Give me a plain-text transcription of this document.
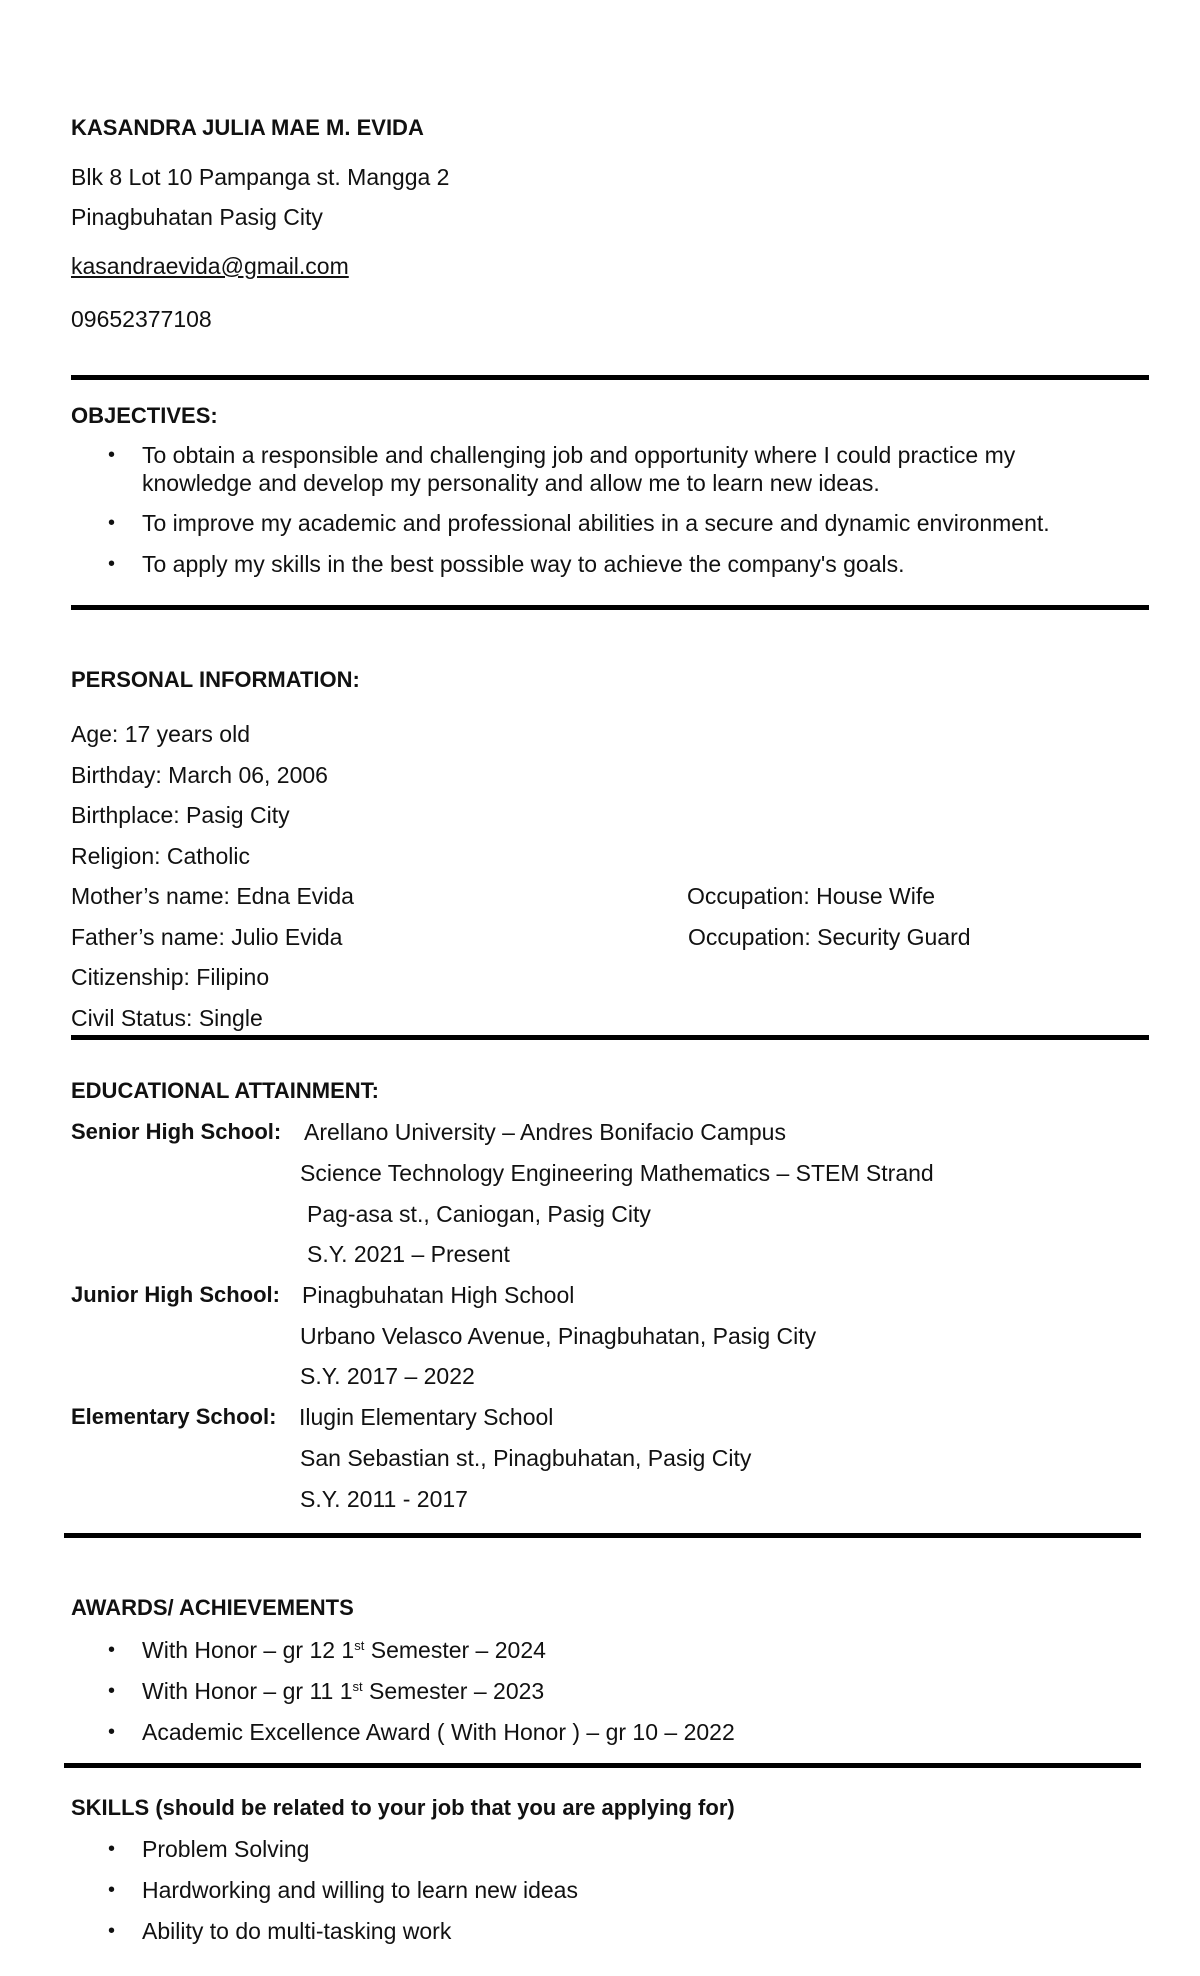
KASANDRA JULIA MAE M. EVIDA
Blk 8 Lot 10 Pampanga st. Mangga 2
Pinagbuhatan Pasig City
kasandraevida@gmail.com
09652377108
OBJECTIVES:
• To obtain a responsible and challenging job and opportunity where I could practice my
knowledge and develop my personality and allow me to learn new ideas.
• To improve my academic and professional abilities in a secure and dynamic environment.
• To apply my skills in the best possible way to achieve the company's goals.
PERSONAL INFORMATION:
Age: 17 years old
Birthday: March 06, 2006
Birthplace: Pasig City
Religion: Catholic
Mother’s name: Edna Evida	Occupation: House Wife
Father’s name: Julio Evida	Occupation: Security Guard
Citizenship: Filipino
Civil Status: Single
EDUCATIONAL ATTAINMENT:
Senior High School: Arellano University – Andres Bonifacio Campus
Science Technology Engineering Mathematics – STEM Strand
Pag-asa st., Caniogan, Pasig City
S.Y. 2021 – Present
Junior High School: Pinagbuhatan High School
Urbano Velasco Avenue, Pinagbuhatan, Pasig City
S.Y. 2017 – 2022
Elementary School: Ilugin Elementary School
San Sebastian st., Pinagbuhatan, Pasig City
S.Y. 2011 - 2017
AWARDS/ ACHIEVEMENTS
• With Honor – gr 12 1st Semester – 2024
• With Honor – gr 11 1st Semester – 2023
• Academic Excellence Award ( With Honor ) – gr 10 – 2022
SKILLS (should be related to your job that you are applying for)
• Problem Solving
• Hardworking and willing to learn new ideas
• Ability to do multi-tasking work
